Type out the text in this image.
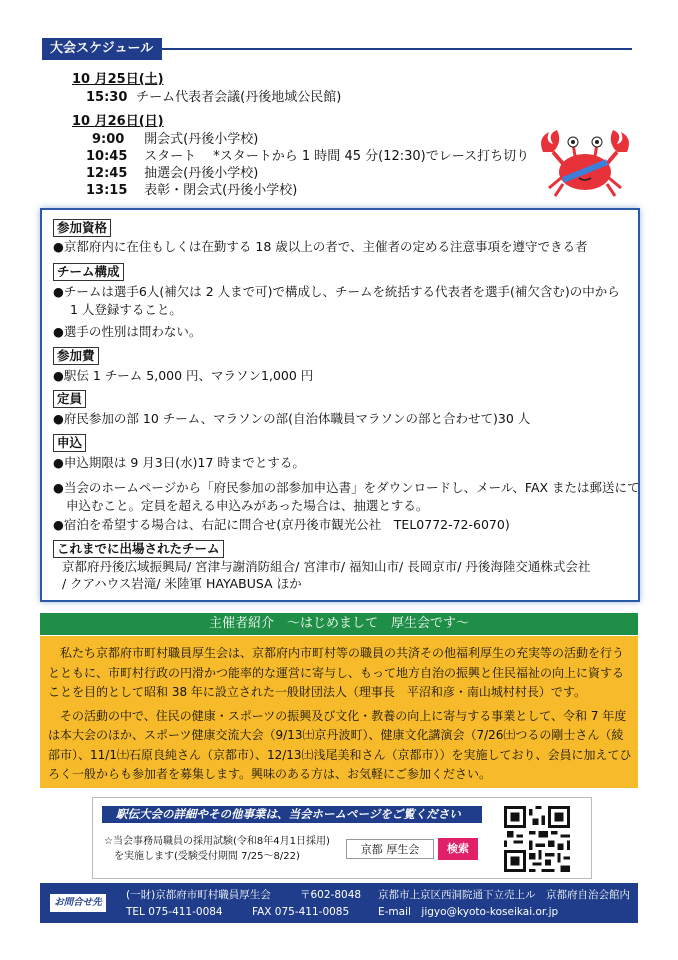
大会スケジュール
10 月25日(土)
15:30 チーム代表者会議(丹後地域公民館)
10 月26日(日)
9:00 開会式(丹後小学校)
10:45 スタート　 *スタートから 1 時間 45 分(12:30)でレース打ち切り
12:45 抽選会(丹後小学校)
13:15 表彰・閉会式(丹後小学校)
参加資格
●京都府内に在住もしくは在勤する 18 歳以上の者で、主催者の定める注意事項を遵守できる者
チーム構成
●チームは選手6人(補欠は 2 人まで可)で構成し、チームを統括する代表者を選手(補欠含む)の中から
1 人登録すること。
●選手の性別は問わない。
参加費
●駅伝 1 チーム 5,000 円、マラソン1,000 円
定員
●府民参加の部 10 チーム、マラソンの部(自治体職員マラソンの部と合わせて)30 人
申込
●申込期限は 9 月3日(水)17 時までとする。
●当会のホームページから「府民参加の部参加申込書」をダウンロードし、メール、FAX または郵送にて
申込むこと。定員を超える申込みがあった場合は、抽選とする。
●宿泊を希望する場合は、右記に問合せ(京丹後市観光公社　TEL0772-72-6070)
これまでに出場されたチーム
京都府丹後広域振興局/ 宮津与謝消防組合/ 宮津市/ 福知山市/ 長岡京市/ 丹後海陸交通株式会社
/ クアハウス岩滝/ 米陸軍 HAYABUSA ほか
主催者紹介　～はじめまして　厚生会です～
私たち京都府市町村職員厚生会は、京都府内市町村等の職員の共済その他福利厚生の充実等の活動を行うとともに、市町村行政の円滑かつ能率的な運営に寄与し、もって地方自治の振興と住民福祉の向上に資することを目的として昭和 38 年に設立された一般財団法人（理事長　平沼和彦・南山城村村長）です。
その活動の中で、住民の健康・スポーツの振興及び文化・教養の向上に寄与する事業として、令和 7 年度は本大会のほか、スポーツ健康交流大会（9/13㈯京丹波町）、健康文化講演会（7/26㈯つるの剛士さん（綾部市）、11/1㈯石原良純さん（京都市）、12/13㈯浅尾美和さん（京都市））を実施しており、会員に加えてひろく一般からも参加者を募集します。興味のある方は、お気軽にご参加ください。
駅伝大会の詳細やその他事業は、当会ホームページをご覧ください
☆当会事務局職員の採用試験(令和8年4月1日採用)
を実施します(受験受付期間 7/25～8/22)
京都 厚生会	検索
お問合せ先
(一財)京都府市町村職員厚生会	〒602-8048 京都市上京区西洞院通下立売上ル　京都府自治会館内
TEL 075-411-0084	FAX 075-411-0085	E-mail　jigyo@kyoto-koseikai.or.jp
